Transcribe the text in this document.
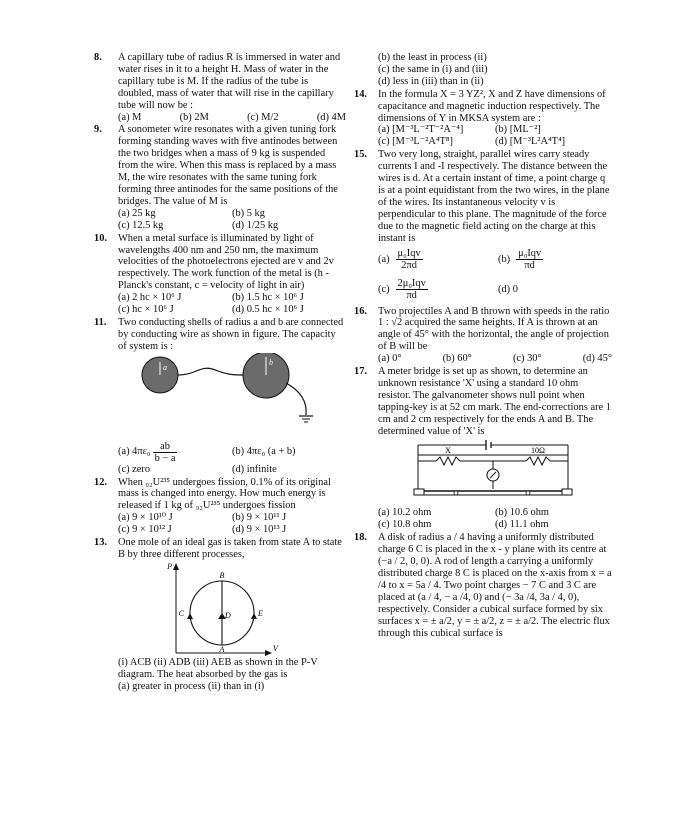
8. A capillary tube of radius R is immersed in water and water rises in it to a height H. Mass of water in the capillary tube is M. If the radius of the tube is doubled, mass of water that will rise in the capillary tube will now be :
(a) M	(b) 2M	(c) M/2	(d) 4M
9. A sonometer wire resonates with a given tuning fork forming standing waves with five antinodes between the two bridges when a mass of 9 kg is suspended from the wire. When this mass is replaced by a mass M, the wire resonates with the same tuning fork forming three antinodes for the same positions of the bridges. The value of M is
(a) 25 kg	(b) 5 kg
(c) 12.5 kg	(d) 1/25 kg
10. When a metal surface is illuminated by light of wavelengths 400 nm and 250 nm, the maximum velocities of the photoelectrons ejected are v and 2v respectively. The work function of the metal is (h - Planck's constant, c = velocity of light in air)
(a) 2 hc × 10⁶ J	(b) 1.5 hc × 10⁶ J
(c) hc × 10⁶ J	(d) 0.5 hc × 10⁶ J
11. Two conducting shells of radius a and b are connected by conducting wire as shown in figure. The capacity of system is :
a
b
(a) $4\pi\varepsilon_0 \frac{ab}{b - a}$	(b) 4πε₀ (a + b)
(c) zero	(d) infinite
12. When ₉₂U²³⁵ undergoes fission, 0.1% of its original mass is changed into energy. How much energy is released if 1 kg of ₉₂U²³⁵ undergoes fission
(a) 9 × 10¹⁰ J	(b) 9 × 10¹¹ J
(c) 9 × 10¹² J	(d) 9 × 10¹³ J
13. One mole of an ideal gas is taken from state A to state B by three different processes,
P
V
B
A
C	D	E
(i) ACB (ii) ADB (iii) AEB as shown in the P-V diagram. The heat absorbed by the gas is
(a) greater in process (ii) than in (i)
(b) the least in process (ii)
(c) the same in (i) and (iii)
(d) less in (iii) than in (ii)
14. In the formula X = 3 YZ², X and Z have dimensions of capacitance and magnetic induction respectively. The dimensions of Y in MKSA system are :
(a) [M⁻³L⁻²T⁻²A⁻⁴]	(b) [ML⁻²]
(c) [M⁻³L⁻²A⁴T⁸]	(d) [M⁻³L²A⁴T⁴]
15. Two very long, straight, parallel wires carry steady currents I and -I respectively. The distance between the wires is d. At a certain instant of time, a point charge q is at a point equidistant from the two wires, in the plane of the wires. Its instantaneous velocity v is perpendicular to this plane. The magnitude of the force due to the magnetic field acting on the charge at this instant is
$(a) \frac{\text{μ₀Iqv}}{2\pi d}$	$(b) \frac{\text{μ₀Iqv}}{\pi d}$
$(c) \frac{\text{2μ₀Iqv}}{\pi d}$	(d) 0
16. Two projectiles A and B thrown with speeds in the ratio 1 : √2 acquired the same heights. If A is thrown at an angle of 45° with the horizontal, the angle of projection of B will be
(a) 0°	(b) 60°	(c) 30°	(d) 45°
17. A meter bridge is set up as shown, to determine an unknown resistance 'X' using a standard 10 ohm resistor. The galvanometer shows null point when tapping-key is at 52 cm mark. The end-corrections are 1 cm and 2 cm respectively for the ends A and B. The determined value of 'X' is
X	10Ω
(a) 10.2 ohm	(b) 10.6 ohm
(c) 10.8 ohm	(d) 11.1 ohm
18. A disk of radius a / 4 having a uniformly distributed charge 6 C is placed in the x - y plane with its centre at (−a / 2, 0, 0). A rod of length a carrying a uniformly distributed charge 8 C is placed on the x-axis from x = a /4 to x = 5a / 4. Two point charges − 7 C and 3 C are placed at (a / 4, − a /4, 0) and (− 3a /4, 3a / 4, 0), respectively. Consider a cubical surface formed by six surfaces x = ± a/2, y = ± a/2, z = ± a/2. The electric flux through this cubical surface is
